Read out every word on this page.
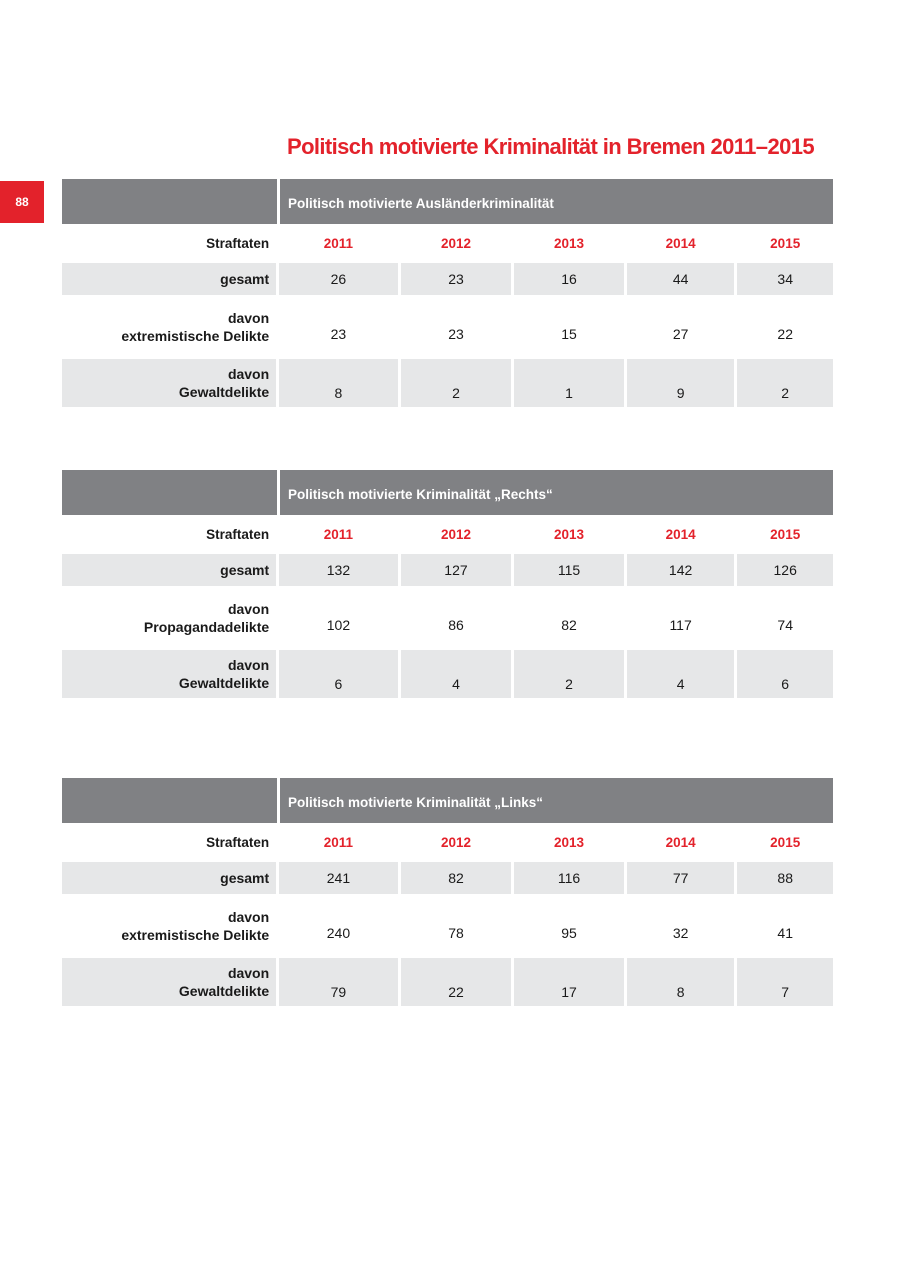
88
Politisch motivierte Kriminalität in Bremen 2011–2015
Politisch motivierte Ausländerkriminalität
Straftaten	2011	2012	2013	2014	2015
gesamt	26	23	16	44	34
davon
extremistische Delikte	23	23	15	27	22
davon
Gewaltdelikte	8	2	1	9	2
Politisch motivierte Kriminalität „Rechts“
Straftaten	2011	2012	2013	2014	2015
gesamt	132	127	115	142	126
davon
Propagandadelikte	102	86	82	117	74
davon
Gewaltdelikte	6	4	2	4	6
Politisch motivierte Kriminalität „Links“
Straftaten	2011	2012	2013	2014	2015
gesamt	241	82	116	77	88
davon
extremistische Delikte	240	78	95	32	41
davon
Gewaltdelikte	79	22	17	8	7
